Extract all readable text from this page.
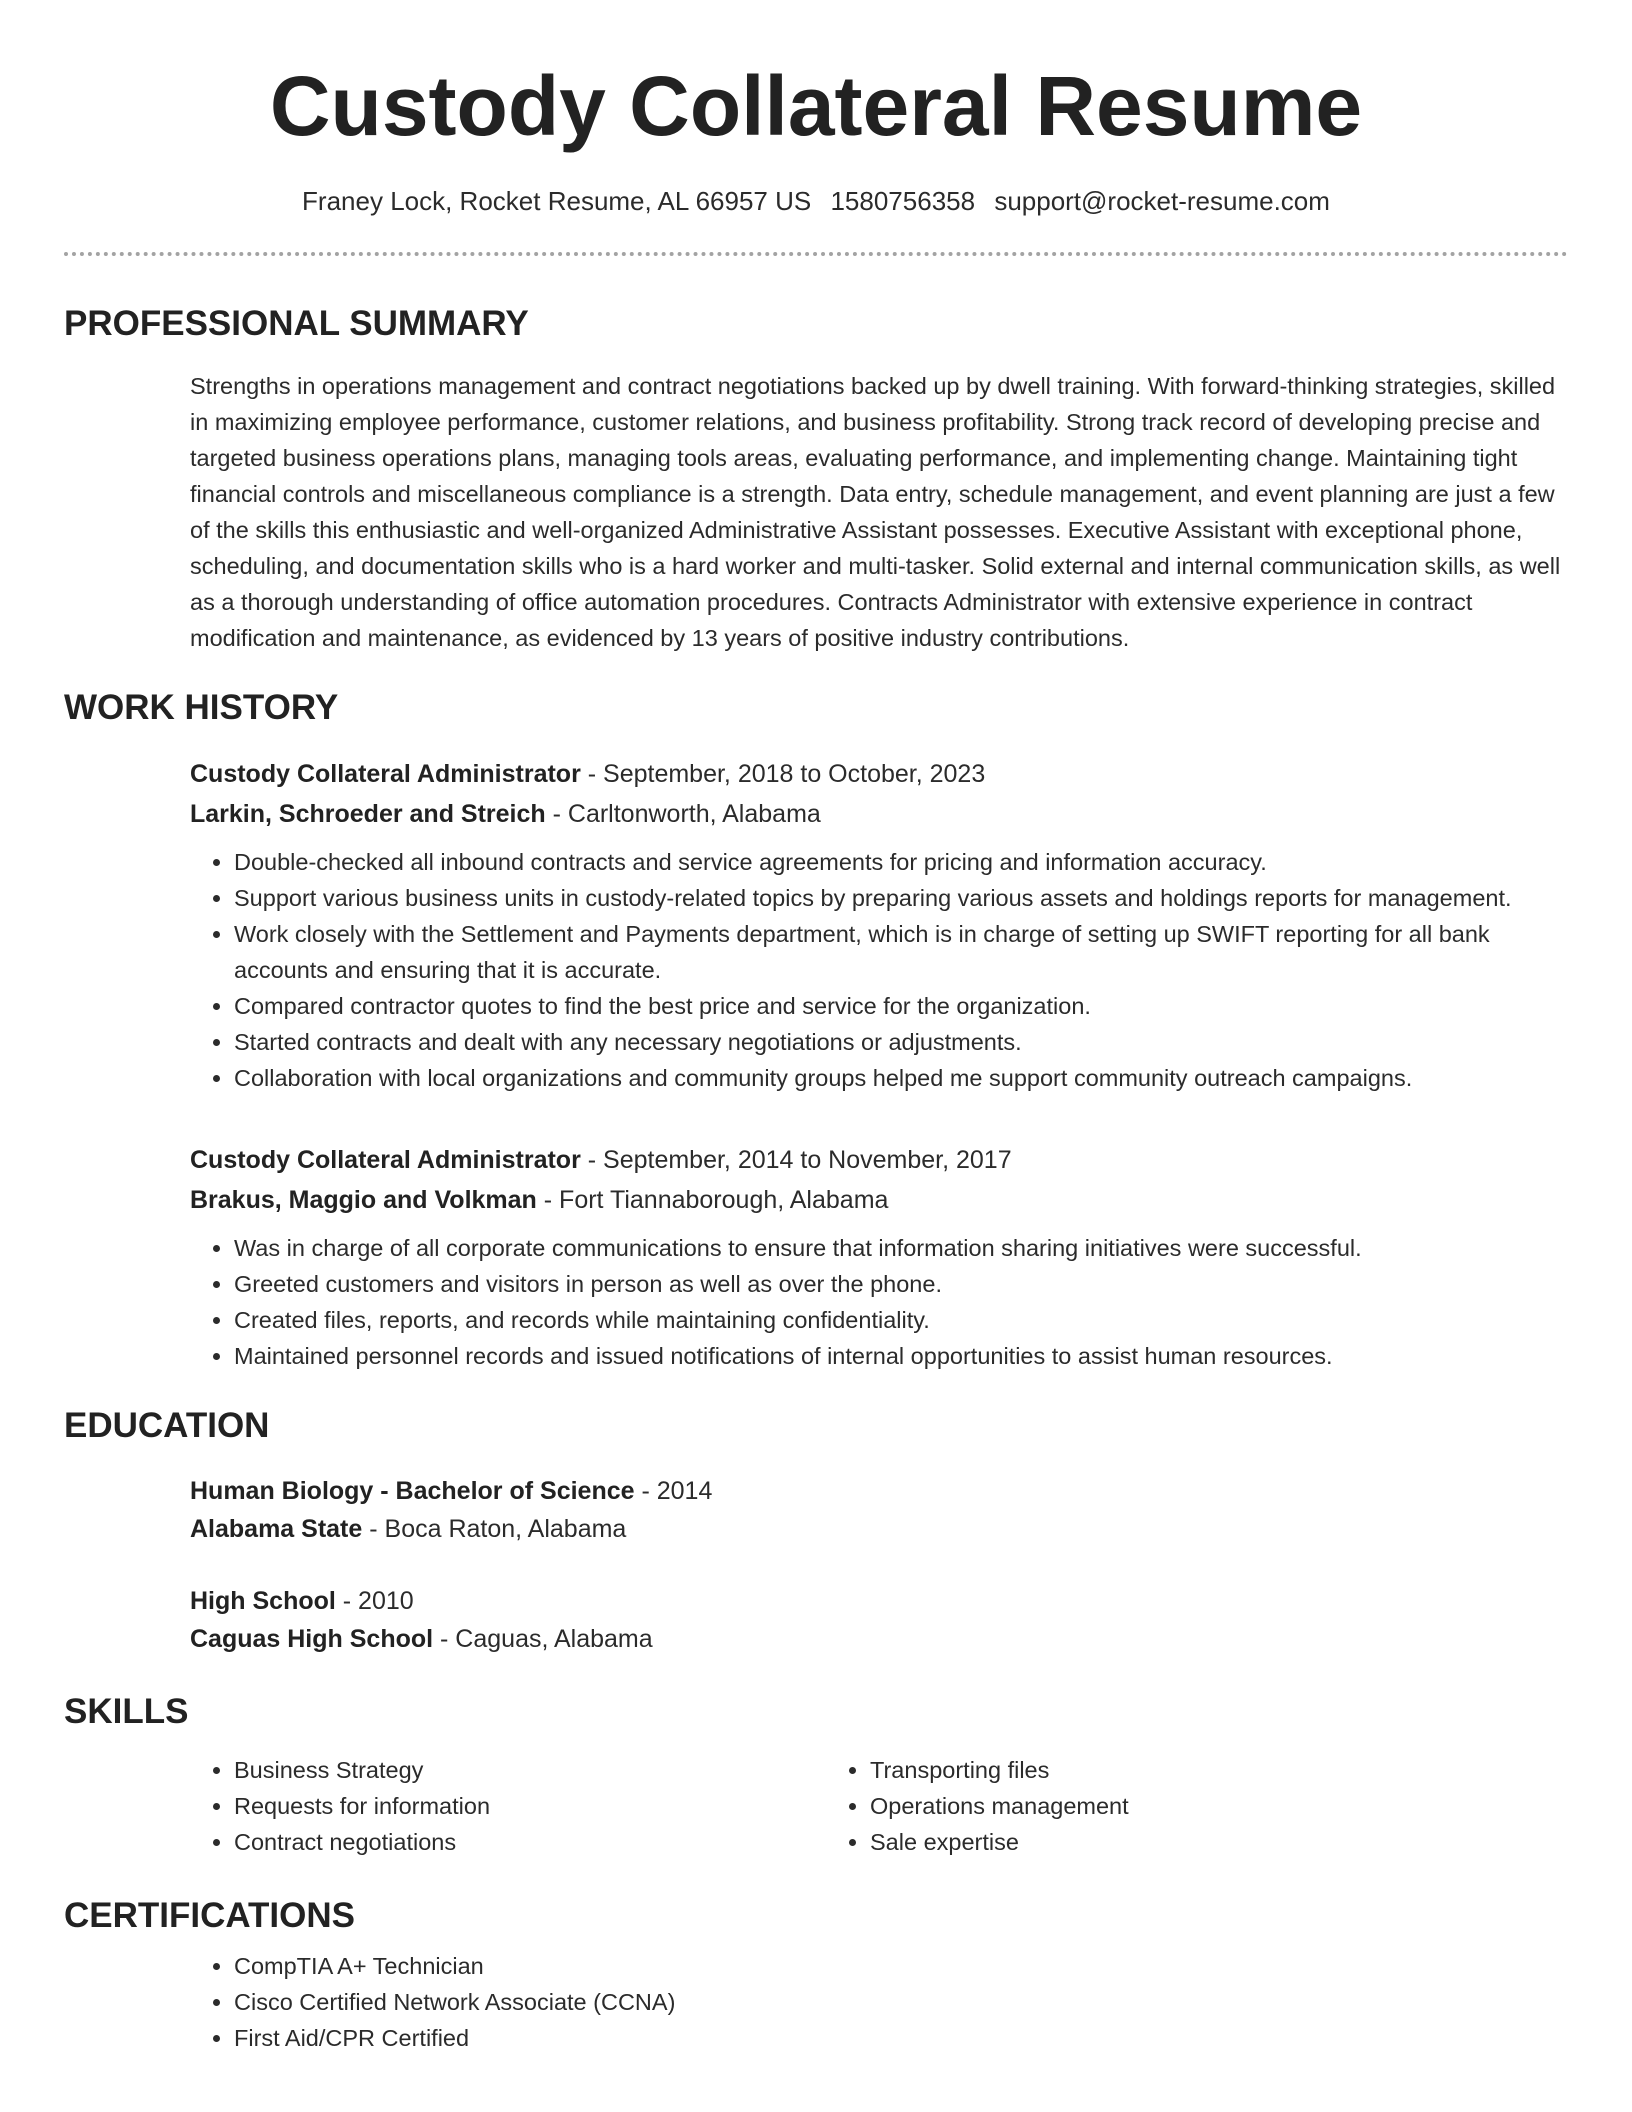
Custody Collateral Resume
Franey Lock, Rocket Resume, AL 66957 US 1580756358 support@rocket-resume.com
PROFESSIONAL SUMMARY
Strengths in operations management and contract negotiations backed up by dwell training. With forward-thinking strategies, skilled in maximizing employee performance, customer relations, and business profitability. Strong track record of developing precise and targeted business operations plans, managing tools areas, evaluating performance, and implementing change. Maintaining tight financial controls and miscellaneous compliance is a strength. Data entry, schedule management, and event planning are just a few of the skills this enthusiastic and well-organized Administrative Assistant possesses. Executive Assistant with exceptional phone, scheduling, and documentation skills who is a hard worker and multi-tasker. Solid external and internal communication skills, as well as a thorough understanding of office automation procedures. Contracts Administrator with extensive experience in contract modification and maintenance, as evidenced by 13 years of positive industry contributions.
WORK HISTORY
Custody Collateral Administrator - September, 2018 to October, 2023
Larkin, Schroeder and Streich - Carltonworth, Alabama
• Double-checked all inbound contracts and service agreements for pricing and information accuracy.
• Support various business units in custody-related topics by preparing various assets and holdings reports for management.
• Work closely with the Settlement and Payments department, which is in charge of setting up SWIFT reporting for all bank accounts and ensuring that it is accurate.
• Compared contractor quotes to find the best price and service for the organization.
• Started contracts and dealt with any necessary negotiations or adjustments.
• Collaboration with local organizations and community groups helped me support community outreach campaigns.
Custody Collateral Administrator - September, 2014 to November, 2017
Brakus, Maggio and Volkman - Fort Tiannaborough, Alabama
• Was in charge of all corporate communications to ensure that information sharing initiatives were successful.
• Greeted customers and visitors in person as well as over the phone.
• Created files, reports, and records while maintaining confidentiality.
• Maintained personnel records and issued notifications of internal opportunities to assist human resources.
EDUCATION
Human Biology - Bachelor of Science - 2014
Alabama State - Boca Raton, Alabama
High School - 2010
Caguas High School - Caguas, Alabama
SKILLS
• Business Strategy
• Requests for information
• Contract negotiations
• Transporting files
• Operations management
• Sale expertise
CERTIFICATIONS
• CompTIA A+ Technician
• Cisco Certified Network Associate (CCNA)
• First Aid/CPR Certified
